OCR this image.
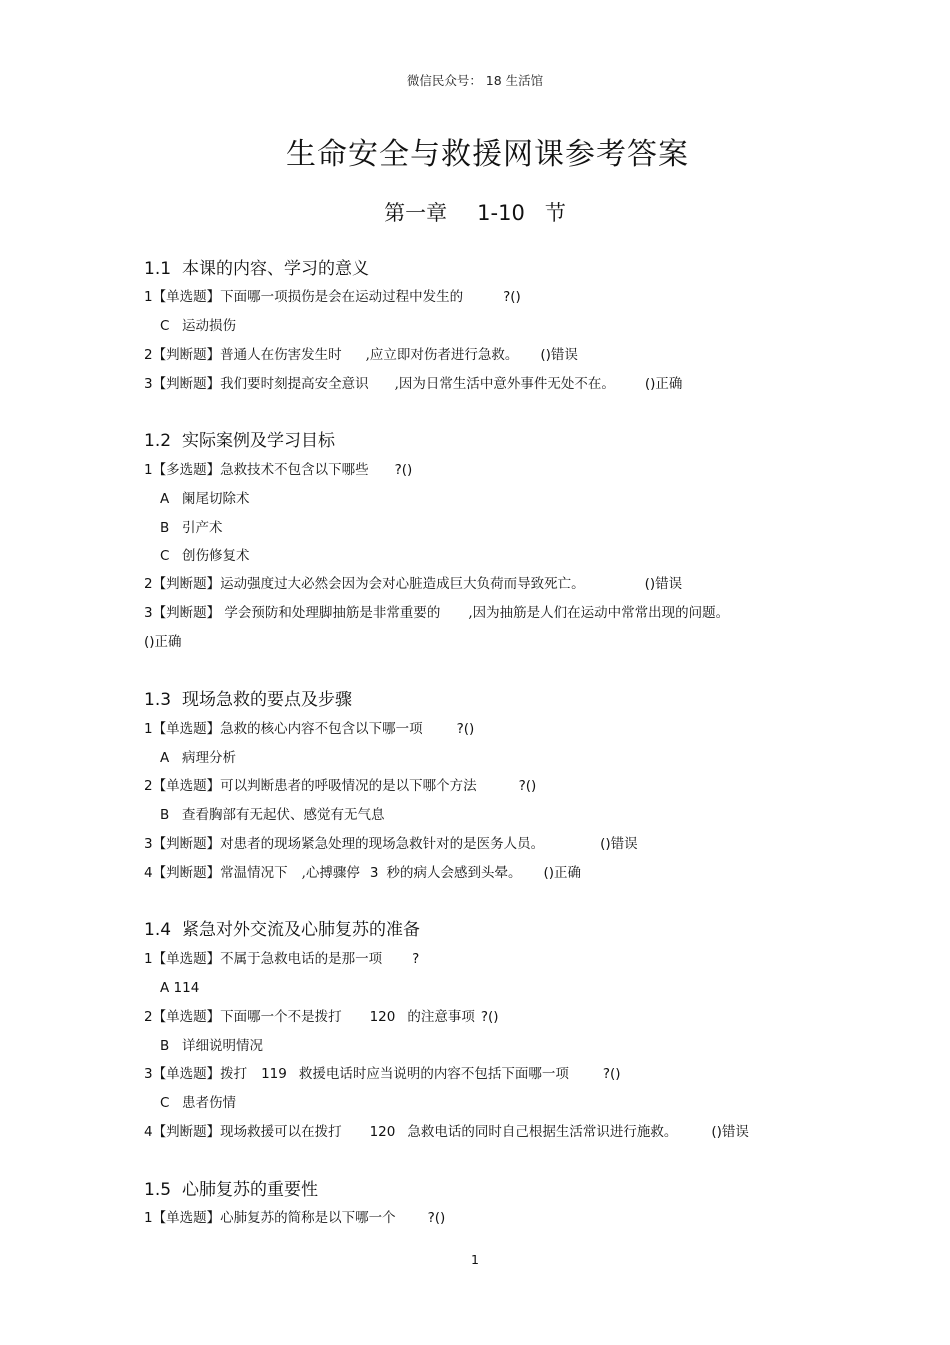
微信民众号： 18 生活馆
生命安全与救援网课参考答案
第一章 1-10 节
1.1 本课的内容、学习的意义
1【单选题】下面哪一项损伤是会在运动过程中发生的	?()
C 运动损伤
2【判断题】普通人在伤害发生时 ,应立即对伤者进行急救。 ()错误
3【判断题】我们要时刻提高安全意识 ,因为日常生活中意外事件无处不在。 ()正确
1.2 实际案例及学习目标
1【多选题】急救技术不包含以下哪些 ?()
A 阑尾切除术
B 引产术
C 创伤修复术
2【判断题】运动强度过大必然会因为会对心脏造成巨大负荷而导致死亡。	()错误
3【判断题】 学会预防和处理脚抽筋是非常重要的 ,因为抽筋是人们在运动中常常出现的问题。
()正确
1.3 现场急救的要点及步骤
1【单选题】急救的核心内容不包含以下哪一项	?()
A 病理分析
2【单选题】可以判断患者的呼吸情况的是以下哪个方法	?()
B 查看胸部有无起伏、感觉有无气息
3【判断题】对患者的现场紧急处理的现场急救针对的是医务人员。	()错误
4【判断题】常温情况下 ,心搏骤停 3 秒的病人会感到头晕。 ()正确
1.4 紧急对外交流及心肺复苏的准备
1【单选题】不属于急救电话的是那一项 ?
A 114
2【单选题】下面哪一个不是拨打 120 的注意事项 ?()
B 详细说明情况
3【单选题】拨打 119 救援电话时应当说明的内容不包括下面哪一项	?()
C 患者伤情
4【判断题】现场救援可以在拨打 120 急救电话的同时自己根据生活常识进行施救。	()错误
1.5 心肺复苏的重要性
1【单选题】心肺复苏的简称是以下哪一个 ?()
1
